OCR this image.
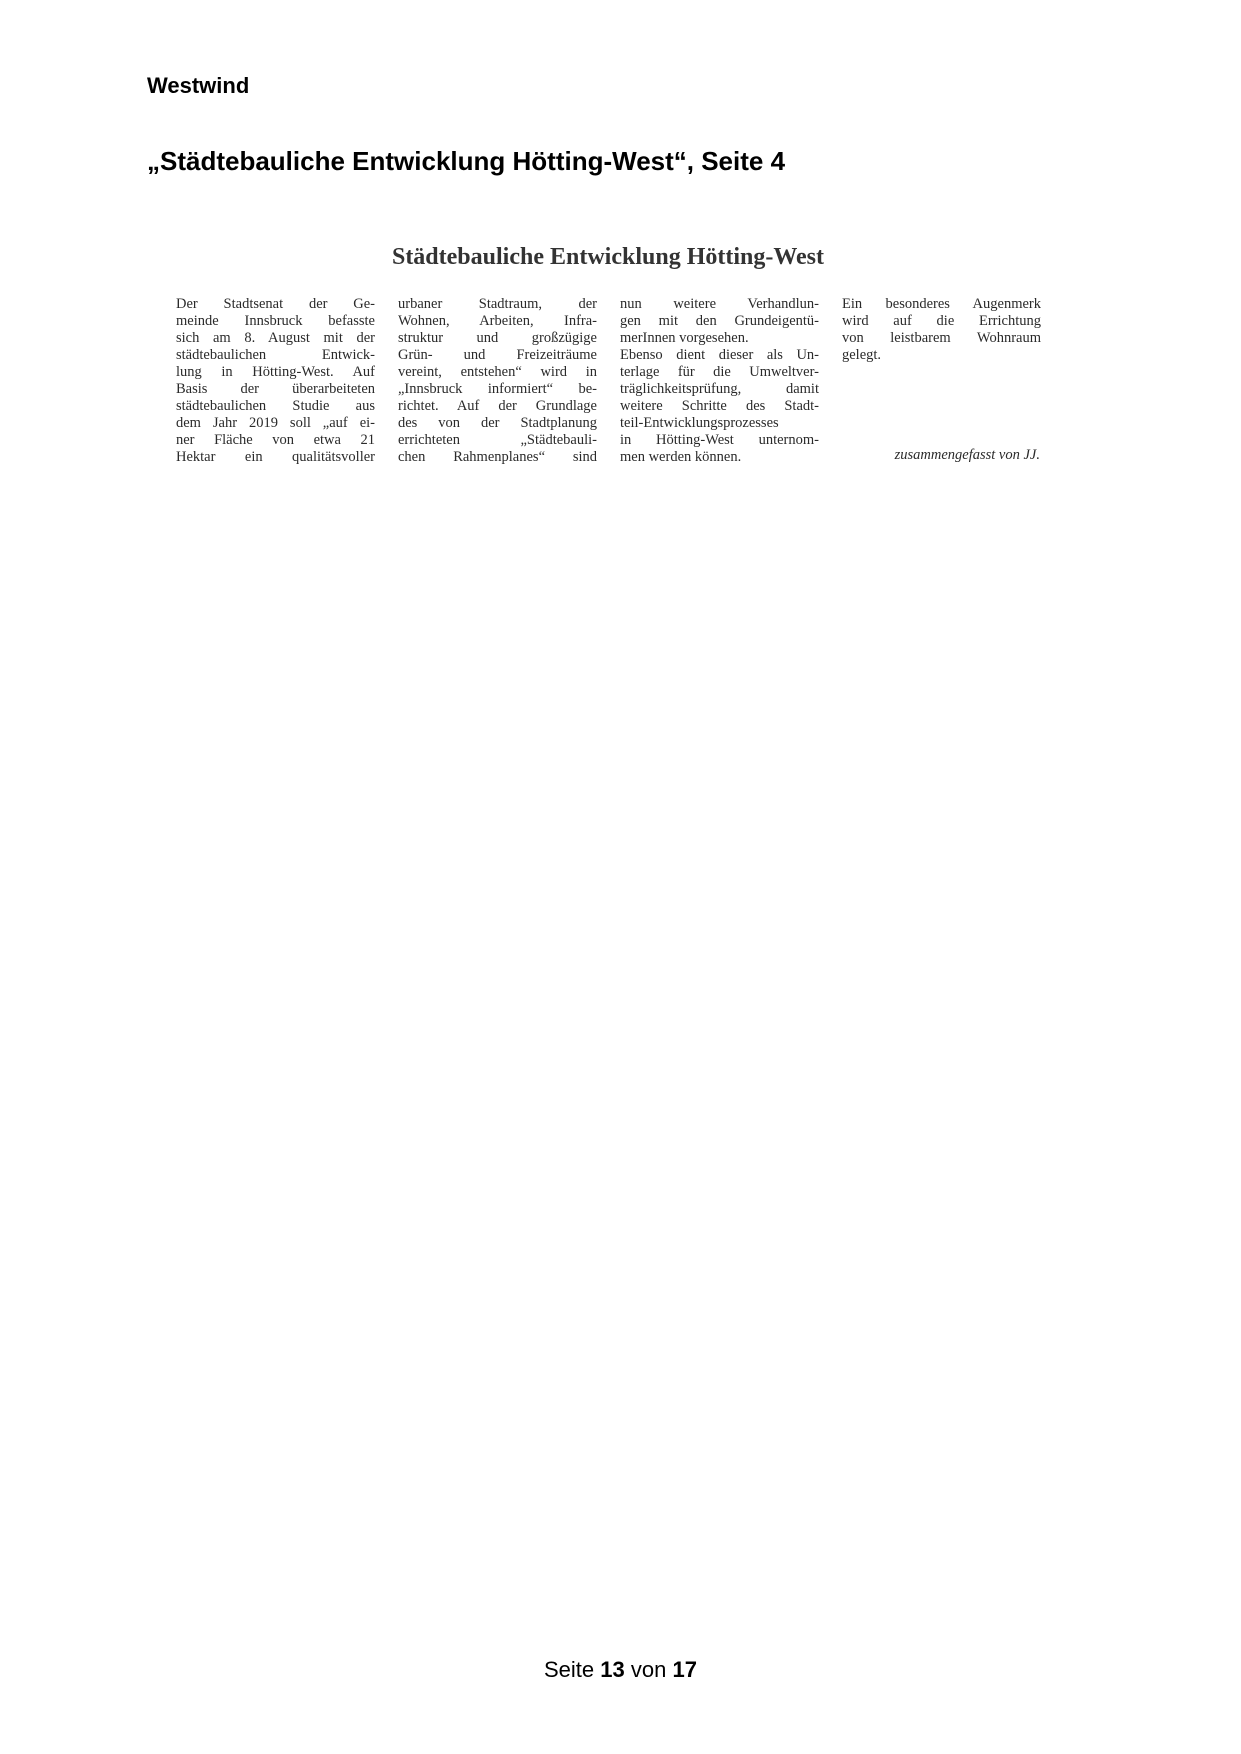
Westwind
„Städtebauliche Entwicklung Hötting-West“, Seite 4
Städtebauliche Entwicklung Hötting-West

Der Stadtsenat der Ge-
meinde Innsbruck befasste
sich am 8. August mit der
städtebaulichen Entwick-
lung in Hötting-West. Auf
Basis der überarbeiteten
städtebaulichen Studie aus
dem Jahr 2019 soll „auf ei-
ner Fläche von etwa 21
Hektar ein qualitätsvoller

urbaner Stadtraum, der
Wohnen, Arbeiten, Infra-
struktur und großzügige
Grün- und Freizeiträume
vereint, entstehen“ wird in
„Innsbruck informiert“ be-
richtet. Auf der Grundlage
des von der Stadtplanung
errichteten „Städtebauli-
chen Rahmenplanes“ sind

nun weitere Verhandlun-
gen mit den Grundeigentü-
merInnen vorgesehen.
Ebenso dient dieser als Un-
terlage für die Umweltver-
träglichkeitsprüfung, damit
weitere Schritte des Stadt-
teil-Entwicklungsprozesses
in Hötting-West unternom-
men werden können.

Ein besonderes Augenmerk
wird auf die Errichtung
von leistbarem Wohnraum
gelegt.

zusammengefasst von JJ.
Seite 13 von 17
